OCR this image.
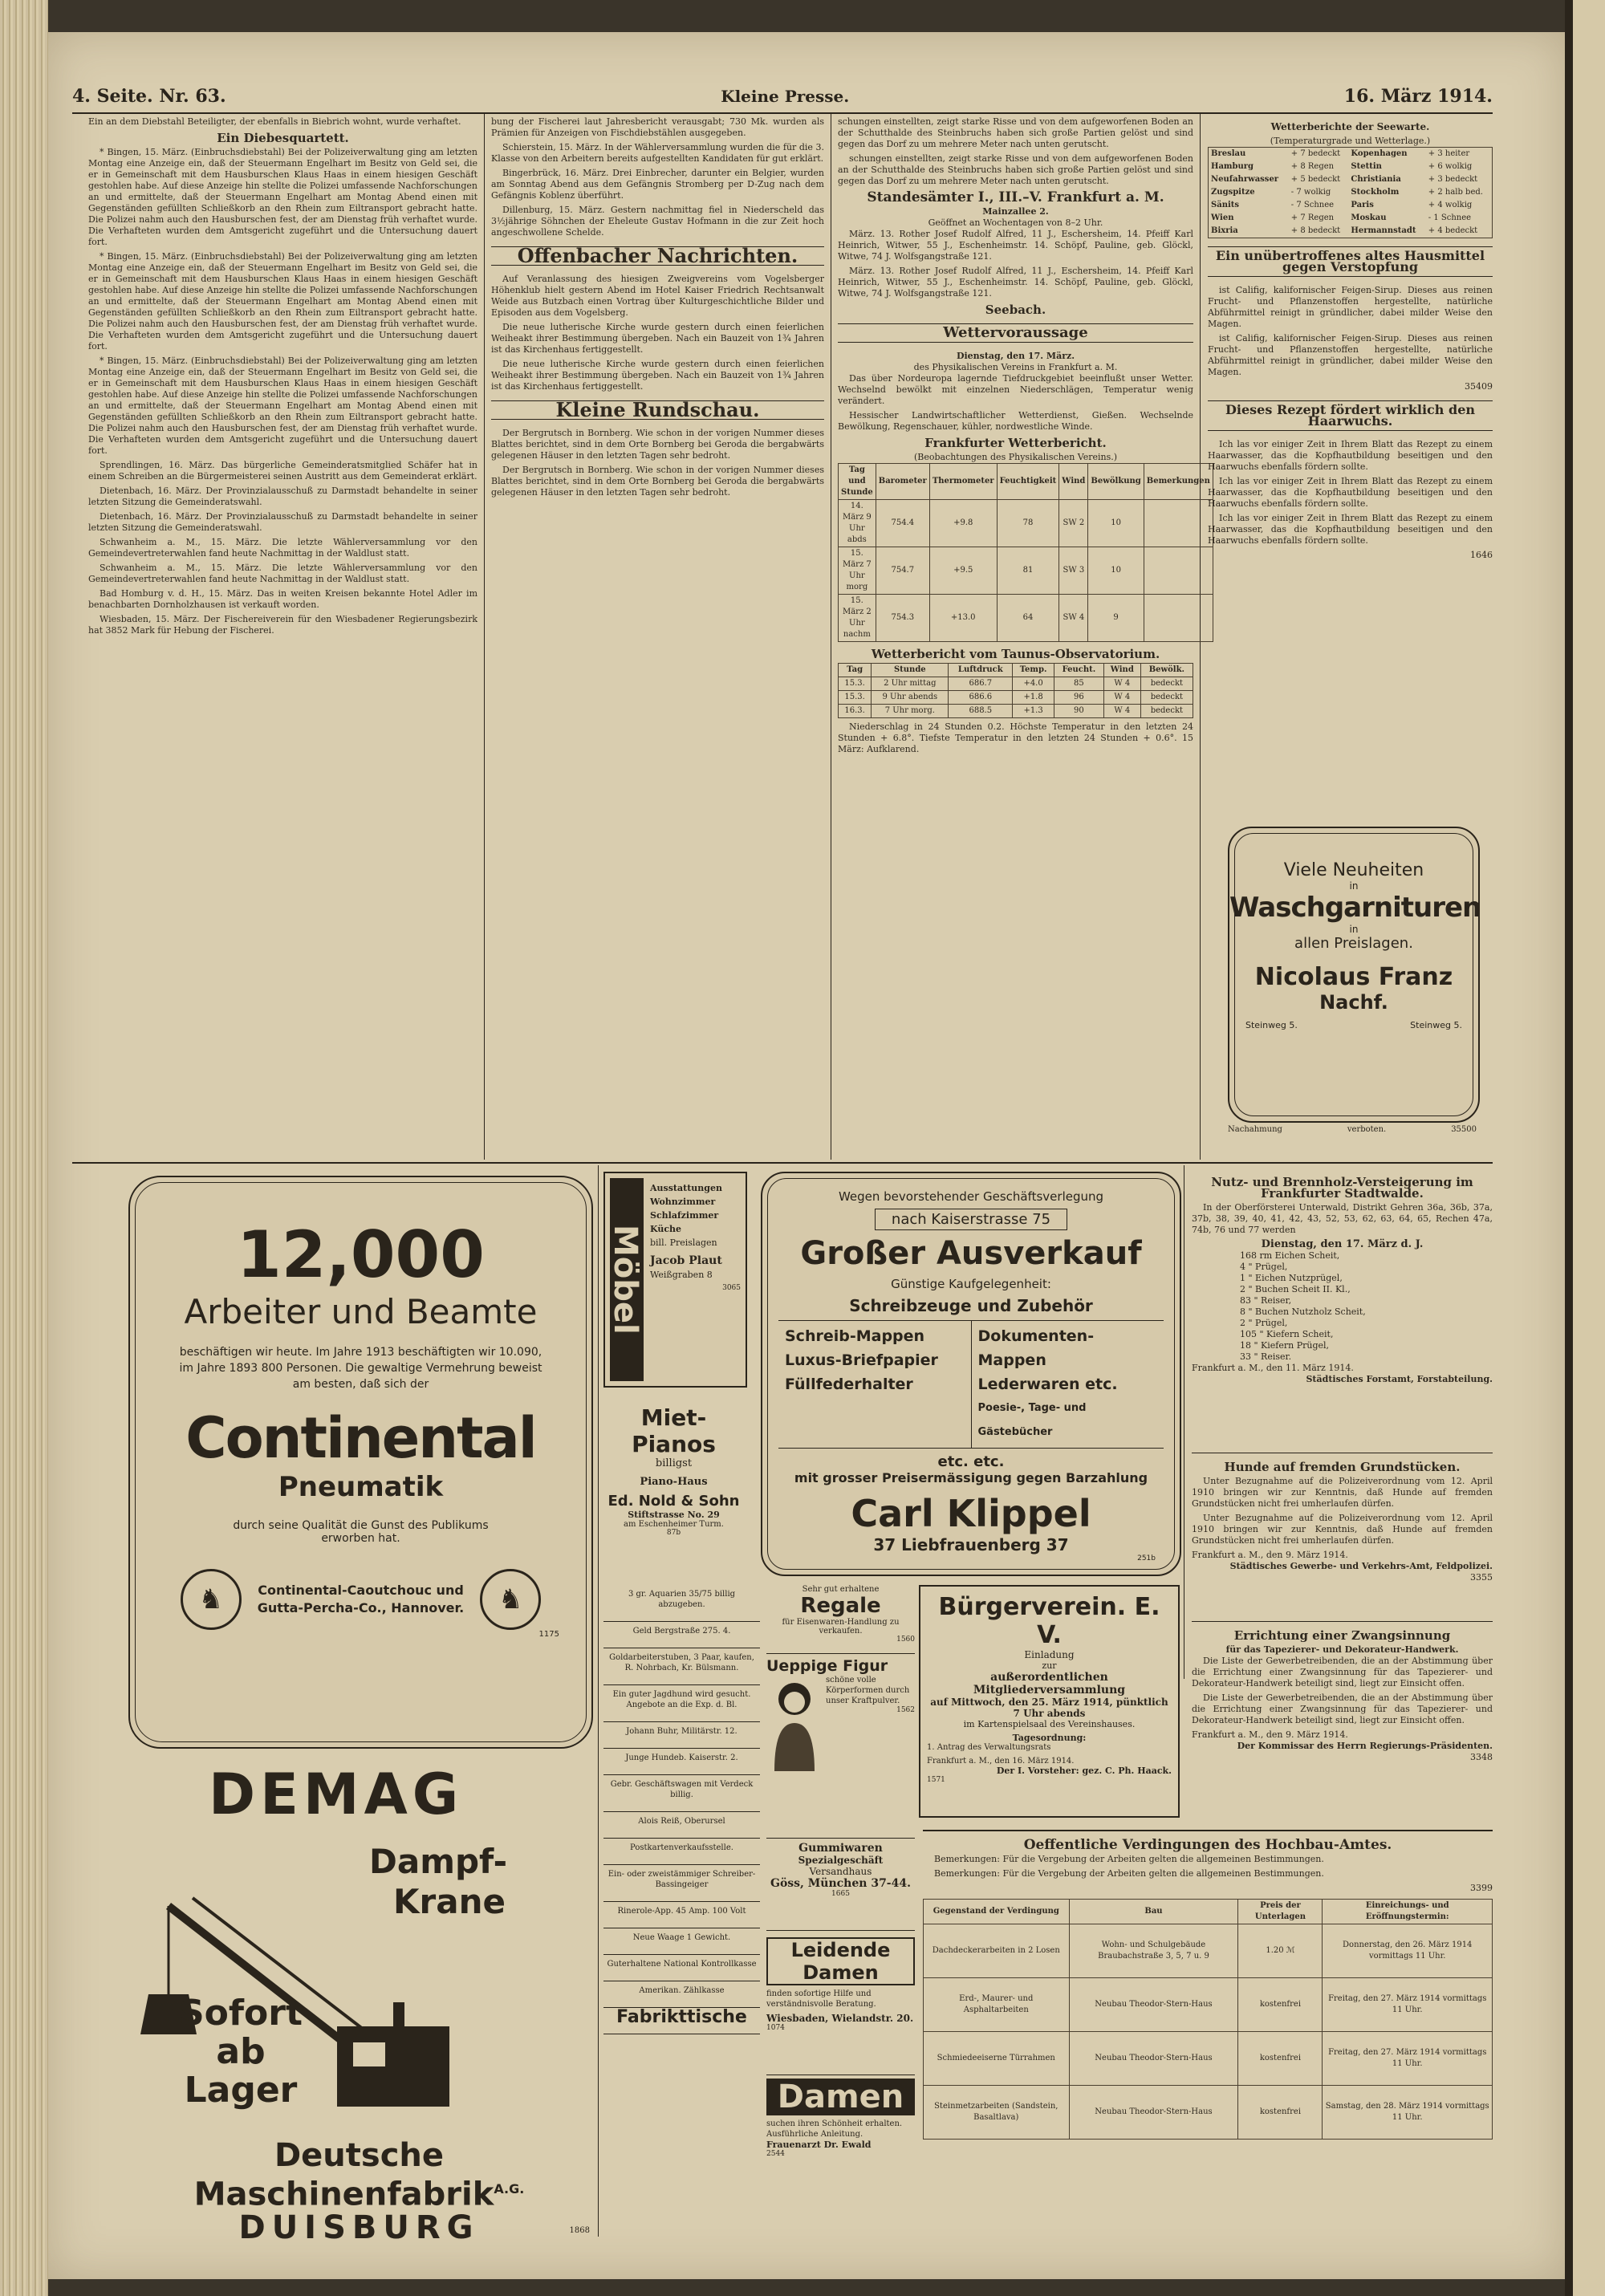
4. Seite. Nr. 63.	Kleine Presse.	16. März 1914.

Ein an dem Diebstahl Beteiligter, der ebenfalls in Biebrich wohnt, wurde verhaftet.

Ein Diebesquartett.

* Bingen, 15. März. (Einbruchsdiebstahl) Bei der Polizeiverwaltung ging am letzten Montag eine Anzeige ein, daß der Steuermann Engelhart im Besitz von Geld sei, die er in Gemeinschaft mit dem Hausburschen Klaus Haas in einem hiesigen Geschäft gestohlen habe. Auf diese Anzeige hin stellte die Polizei umfassende Nachforschungen an und ermittelte, daß der Steuermann Engelhart am Montag Abend einen mit Gegenständen gefüllten Schließkorb an den Rhein zum Eiltransport gebracht hatte. Die Polizei nahm auch den Hausburschen fest, der am Dienstag früh verhaftet wurde. Die Verhafteten wurden dem Amtsgericht zugeführt und die Untersuchung dauert fort.

* Bingen, 15. März. (Einbruchsdiebstahl) Bei der Polizeiverwaltung ging am letzten Montag eine Anzeige ein, daß der Steuermann Engelhart im Besitz von Geld sei, die er in Gemeinschaft mit dem Hausburschen Klaus Haas in einem hiesigen Geschäft gestohlen habe. Auf diese Anzeige hin stellte die Polizei umfassende Nachforschungen an und ermittelte, daß der Steuermann Engelhart am Montag Abend einen mit Gegenständen gefüllten Schließkorb an den Rhein zum Eiltransport gebracht hatte. Die Polizei nahm auch den Hausburschen fest, der am Dienstag früh verhaftet wurde. Die Verhafteten wurden dem Amtsgericht zugeführt und die Untersuchung dauert fort.

* Bingen, 15. März. (Einbruchsdiebstahl) Bei der Polizeiverwaltung ging am letzten Montag eine Anzeige ein, daß der Steuermann Engelhart im Besitz von Geld sei, die er in Gemeinschaft mit dem Hausburschen Klaus Haas in einem hiesigen Geschäft gestohlen habe. Auf diese Anzeige hin stellte die Polizei umfassende Nachforschungen an und ermittelte, daß der Steuermann Engelhart am Montag Abend einen mit Gegenständen gefüllten Schließkorb an den Rhein zum Eiltransport gebracht hatte. Die Polizei nahm auch den Hausburschen fest, der am Dienstag früh verhaftet wurde. Die Verhafteten wurden dem Amtsgericht zugeführt und die Untersuchung dauert fort.

Sprendlingen, 16. März. Das bürgerliche Gemeinderatsmitglied Schäfer hat in einem Schreiben an die Bürgermeisterei seinen Austritt aus dem Gemeinderat erklärt.

Dietenbach, 16. März. Der Provinzialausschuß zu Darmstadt behandelte in seiner letzten Sitzung die Gemeinderatswahl.

Dietenbach, 16. März. Der Provinzialausschuß zu Darmstadt behandelte in seiner letzten Sitzung die Gemeinderatswahl.

Schwanheim a. M., 15. März. Die letzte Wählerversammlung vor den Gemeindevertreterwahlen fand heute Nachmittag in der Waldlust statt.

Schwanheim a. M., 15. März. Die letzte Wählerversammlung vor den Gemeindevertreterwahlen fand heute Nachmittag in der Waldlust statt.

Bad Homburg v. d. H., 15. März. Das in weiten Kreisen bekannte Hotel Adler im benachbarten Dornholzhausen ist verkauft worden.

Wiesbaden, 15. März. Der Fischereiverein für den Wiesbadener Regierungsbezirk hat 3852 Mark für Hebung der Fischerei.

bung der Fischerei laut Jahresbericht verausgabt; 730 Mk. wurden als Prämien für Anzeigen von Fischdiebstählen ausgegeben.

Schierstein, 15. März. In der Wählerversammlung wurden die für die 3. Klasse von den Arbeitern bereits aufgestellten Kandidaten für gut erklärt.

Bingerbrück, 16. März. Drei Einbrecher, darunter ein Belgier, wurden am Sonntag Abend aus dem Gefängnis Stromberg per D-Zug nach dem Gefängnis Koblenz überführt.

Dillenburg, 15. März. Gestern nachmittag fiel in Niederscheld das 3½jährige Söhnchen der Eheleute Gustav Hofmann in die zur Zeit hoch angeschwollene Schelde.

Offenbacher Nachrichten.

Auf Veranlassung des hiesigen Zweigvereins vom Vogelsberger Höhenklub hielt gestern Abend im Hotel Kaiser Friedrich Rechtsanwalt Weide aus Butzbach einen Vortrag über Kulturgeschichtliche Bilder und Episoden aus dem Vogelsberg.

Die neue lutherische Kirche wurde gestern durch einen feierlichen Weiheakt ihrer Bestimmung übergeben. Nach ein Bauzeit von 1¾ Jahren ist das Kirchenhaus fertiggestellt.

Die neue lutherische Kirche wurde gestern durch einen feierlichen Weiheakt ihrer Bestimmung übergeben. Nach ein Bauzeit von 1¾ Jahren ist das Kirchenhaus fertiggestellt.

Kleine Rundschau.

Der Bergrutsch in Bornberg. Wie schon in der vorigen Nummer dieses Blattes berichtet, sind in dem Orte Bornberg bei Geroda die bergabwärts gelegenen Häuser in den letzten Tagen sehr bedroht.

Der Bergrutsch in Bornberg. Wie schon in der vorigen Nummer dieses Blattes berichtet, sind in dem Orte Bornberg bei Geroda die bergabwärts gelegenen Häuser in den letzten Tagen sehr bedroht.

schungen einstellten, zeigt starke Risse und von dem aufgeworfenen Boden an der Schutthalde des Steinbruchs haben sich große Partien gelöst und sind gegen das Dorf zu um mehrere Meter nach unten gerutscht.

schungen einstellten, zeigt starke Risse und von dem aufgeworfenen Boden an der Schutthalde des Steinbruchs haben sich große Partien gelöst und sind gegen das Dorf zu um mehrere Meter nach unten gerutscht.

Standesämter I., III.–V. Frankfurt a. M.
Mainzallee 2.
Geöffnet an Wochentagen von 8–2 Uhr.

März. 13. Rother Josef Rudolf Alfred, 11 J., Eschersheim, 14. Pfeiff Karl Heinrich, Witwer, 55 J., Eschenheimstr. 14. Schöpf, Pauline, geb. Glöckl, Witwe, 74 J. Wolfsgangstraße 121.

März. 13. Rother Josef Rudolf Alfred, 11 J., Eschersheim, 14. Pfeiff Karl Heinrich, Witwer, 55 J., Eschenheimstr. 14. Schöpf, Pauline, geb. Glöckl, Witwe, 74 J. Wolfsgangstraße 121.

Seebach.
Wettervoraussage
Dienstag, den 17. März.
des Physikalischen Vereins in Frankfurt a. M.

Das über Nordeuropa lagernde Tiefdruckgebiet beeinflußt unser Wetter. Wechselnd bewölkt mit einzelnen Niederschlägen, Temperatur wenig verändert.

Hessischer Landwirtschaftlicher Wetterdienst, Gießen. Wechselnde Bewölkung, Regenschauer, kühler, nordwestliche Winde.

Frankfurter Wetterbericht.
(Beobachtungen des Physikalischen Vereins.)
Tag und Stunde	Barometer	Thermometer	Feuchtigkeit	Wind	Bewölkung	Bemerkungen
14. März 9 Uhr abds	754.4	+9.8	78	SW 2	10	
15. März 7 Uhr morg	754.7	+9.5	81	SW 3	10	
15. März 2 Uhr nachm	754.3	+13.0	64	SW 4	9	
Wetterbericht vom Taunus-Observatorium.
Tag	Stunde	Luftdruck	Temp.	Feucht.	Wind	Bewölk.
15.3.	2 Uhr mittag	686.7	+4.0	85	W 4	bedeckt
15.3.	9 Uhr abends	686.6	+1.8	96	W 4	bedeckt
16.3.	7 Uhr morg.	688.5	+1.3	90	W 4	bedeckt

Niederschlag in 24 Stunden 0.2. Höchste Temperatur in den letzten 24 Stunden + 6.8°. Tiefste Temperatur in den letzten 24 Stunden + 0.6°. 15 März: Aufklarend.

Wetterberichte der Seewarte.
(Temperaturgrade und Wetterlage.)
Breslau	+ 7 bedeckt	Kopenhagen	+ 3 heiter
Hamburg	+ 8 Regen	Stettin	+ 6 wolkig
Neufahrwasser	+ 5 bedeckt	Christiania	+ 3 bedeckt
Zugspitze	- 7 wolkig	Stockholm	+ 2 halb bed.
Sänits	- 7 Schnee	Paris	+ 4 wolkig
Wien	+ 7 Regen	Moskau	- 1 Schnee
Bixria	+ 8 bedeckt	Hermannstadt	+ 4 bedeckt
Ein unübertroffenes altes Hausmittel gegen Verstopfung

ist Califig, kalifornischer Feigen-Sirup. Dieses aus reinen Frucht- und Pflanzenstoffen hergestellte, natürliche Abführmittel reinigt in gründlicher, dabei milder Weise den Magen.

ist Califig, kalifornischer Feigen-Sirup. Dieses aus reinen Frucht- und Pflanzenstoffen hergestellte, natürliche Abführmittel reinigt in gründlicher, dabei milder Weise den Magen.

35409
Dieses Rezept fördert wirklich den Haarwuchs.

Ich las vor einiger Zeit in Ihrem Blatt das Rezept zu einem Haarwasser, das die Kopfhautbildung beseitigen und den Haarwuchs ebenfalls fördern sollte.

Ich las vor einiger Zeit in Ihrem Blatt das Rezept zu einem Haarwasser, das die Kopfhautbildung beseitigen und den Haarwuchs ebenfalls fördern sollte.

Ich las vor einiger Zeit in Ihrem Blatt das Rezept zu einem Haarwasser, das die Kopfhautbildung beseitigen und den Haarwuchs ebenfalls fördern sollte.

1646
Viele Neuheiten
in
Waschgarnituren
in
allen Preislagen.
Nicolaus Franz
Nachf.
Steinweg 5.	Steinweg 5.
Nachahmung	verboten.	35500
12,000
Arbeiter und Beamte
beschäftigen wir heute. Im Jahre 1913 beschäftigten wir 10.090, im Jahre 1893 800 Personen. Die gewaltige Vermehrung beweist am besten, daß sich der
Continental
Pneumatik
durch seine Qualität die Gunst des Publikums erworben hat.
♞	Continental-Caoutchouc und
Gutta-Percha-Co., Hannover.	♞
1175
DEMAG
Dampf-
Krane
Sofort
ab
Lager
Deutsche
Maschinenfabrik$^{A.G.}$
DUISBURG	1868
Möbel
Ausstattungen
Wohnzimmer
Schlafzimmer
Küche
bill. Preislagen
Jacob Plaut
Weißgraben 8
3065
Miet-Pianos
billigst
Piano-Haus
Ed. Nold & Sohn
Stiftstrasse No. 29
am Eschenheimer Turm.
87b
3 gr. Aquarien 35/75 billig abzugeben.
Geld Bergstraße 275. 4.
Goldarbeiterstuben, 3 Paar, kaufen, R. Nohrbach, Kr. Bülsmann.
Ein guter Jagdhund wird gesucht. Angebote an die Exp. d. Bl.
Johann Buhr, Militärstr. 12.
Junge Hundeb. Kaiserstr. 2.
Gebr. Geschäftswagen mit Verdeck billig.
Alois Reiß, Oberursel
Postkartenverkaufsstelle.
Ein- oder zweistämmiger Schreiber-Bassingeiger
Rinerole-App. 45 Amp. 100 Volt
Neue Waage 1 Gewicht.
Guterhaltene National Kontrollkasse
Amerikan. Zählkasse
Fabrikttische
Wegen bevorstehender Geschäftsverlegung
nach Kaiserstrasse 75
Großer Ausverkauf
Günstige Kaufgelegenheit:
Schreibzeuge und Zubehör
Schreib-Mappen
Luxus-Briefpapier
Füllfederhalter
Dokumenten-Mappen
Lederwaren etc.
Poesie-, Tage- und Gästebücher
etc. etc.
mit grosser Preisermässigung gegen Barzahlung
Carl Klippel
37 Liebfrauenberg 37
251b
Sehr gut erhaltene
Regale
für Eisenwaren-Handlung zu verkaufen.
1560
Ueppige Figur
schöne volle Körperformen durch unser Kraftpulver.
1562
Gummiwaren
Spezialgeschäft
Versandhaus
Göss, München 37-44.
1665
Leidende Damen
finden sofortige Hilfe und verständnisvolle Beratung.
Wiesbaden, Wielandstr. 20.
1074
Damen
suchen ihren Schönheit erhalten. Ausführliche Anleitung.
Frauenarzt Dr. Ewald
2544
Bürgerverein. E. V.
Einladung
zur
außerordentlichen Mitgliederversammlung
auf Mittwoch, den 25. März 1914, pünktlich 7 Uhr abends
im Kartenspielsaal des Vereinshauses.
Tagesordnung:
1. Antrag des Verwaltungsrats
Frankfurt a. M., den 16. März 1914.
Der I. Vorsteher: gez. C. Ph. Haack.
1571
Nutz- und Brennholz-Versteigerung im Frankfurter Stadtwalde.

In der Oberförsterei Unterwald, Distrikt Gehren 36a, 36b, 37a, 37b, 38, 39, 40, 41, 42, 43, 52, 53, 62, 63, 64, 65, Rechen 47a, 74b, 76 und 77 werden

Dienstag, den 17. März d. J.
168 rm Eichen Scheit,
4 " Prügel,
1 " Eichen Nutzprügel,
2 " Buchen Scheit II. Kl.,
83 " Reiser,
8 " Buchen Nutzholz Scheit,
2 " Prügel,
105 " Kiefern Scheit,
18 " Kiefern Prügel,
33 " Reiser.
Frankfurt a. M., den 11. März 1914.
Städtisches Forstamt, Forstabteilung.
Hunde auf fremden Grundstücken.

Unter Bezugnahme auf die Polizeiverordnung vom 12. April 1910 bringen wir zur Kenntnis, daß Hunde auf fremden Grundstücken nicht frei umherlaufen dürfen.

Unter Bezugnahme auf die Polizeiverordnung vom 12. April 1910 bringen wir zur Kenntnis, daß Hunde auf fremden Grundstücken nicht frei umherlaufen dürfen.

Frankfurt a. M., den 9. März 1914.
Städtisches Gewerbe- und Verkehrs-Amt, Feldpolizei.
3355
Errichtung einer Zwangsinnung
für das Tapezierer- und Dekorateur-Handwerk.

Die Liste der Gewerbetreibenden, die an der Abstimmung über die Errichtung einer Zwangsinnung für das Tapezierer- und Dekorateur-Handwerk beteiligt sind, liegt zur Einsicht offen.

Die Liste der Gewerbetreibenden, die an der Abstimmung über die Errichtung einer Zwangsinnung für das Tapezierer- und Dekorateur-Handwerk beteiligt sind, liegt zur Einsicht offen.

Frankfurt a. M., den 9. März 1914.
Der Kommissar des Herrn Regierungs-Präsidenten.
3348
Oeffentliche Verdingungen des Hochbau-Amtes.

Bemerkungen: Für die Vergebung der Arbeiten gelten die allgemeinen Bestimmungen.

Bemerkungen: Für die Vergebung der Arbeiten gelten die allgemeinen Bestimmungen.

3399
Gegenstand der Verdingung	Bau	Preis der Unterlagen	Einreichungs- und Eröffnungstermin:
Dachdeckerarbeiten in 2 Losen	Wohn- und Schulgebäude Braubachstraße 3, 5, 7 u. 9	1.20 ℳ	Donnerstag, den 26. März 1914 vormittags 11 Uhr.
Erd-, Maurer- und Asphaltarbeiten	Neubau Theodor-Stern-Haus	kostenfrei	Freitag, den 27. März 1914 vormittags 11 Uhr.
Schmiedeeiserne Türrahmen	Neubau Theodor-Stern-Haus	kostenfrei	Freitag, den 27. März 1914 vormittags 11 Uhr.
Steinmetzarbeiten (Sandstein, Basaltlava)	Neubau Theodor-Stern-Haus	kostenfrei	Samstag, den 28. März 1914 vormittags 11 Uhr.
